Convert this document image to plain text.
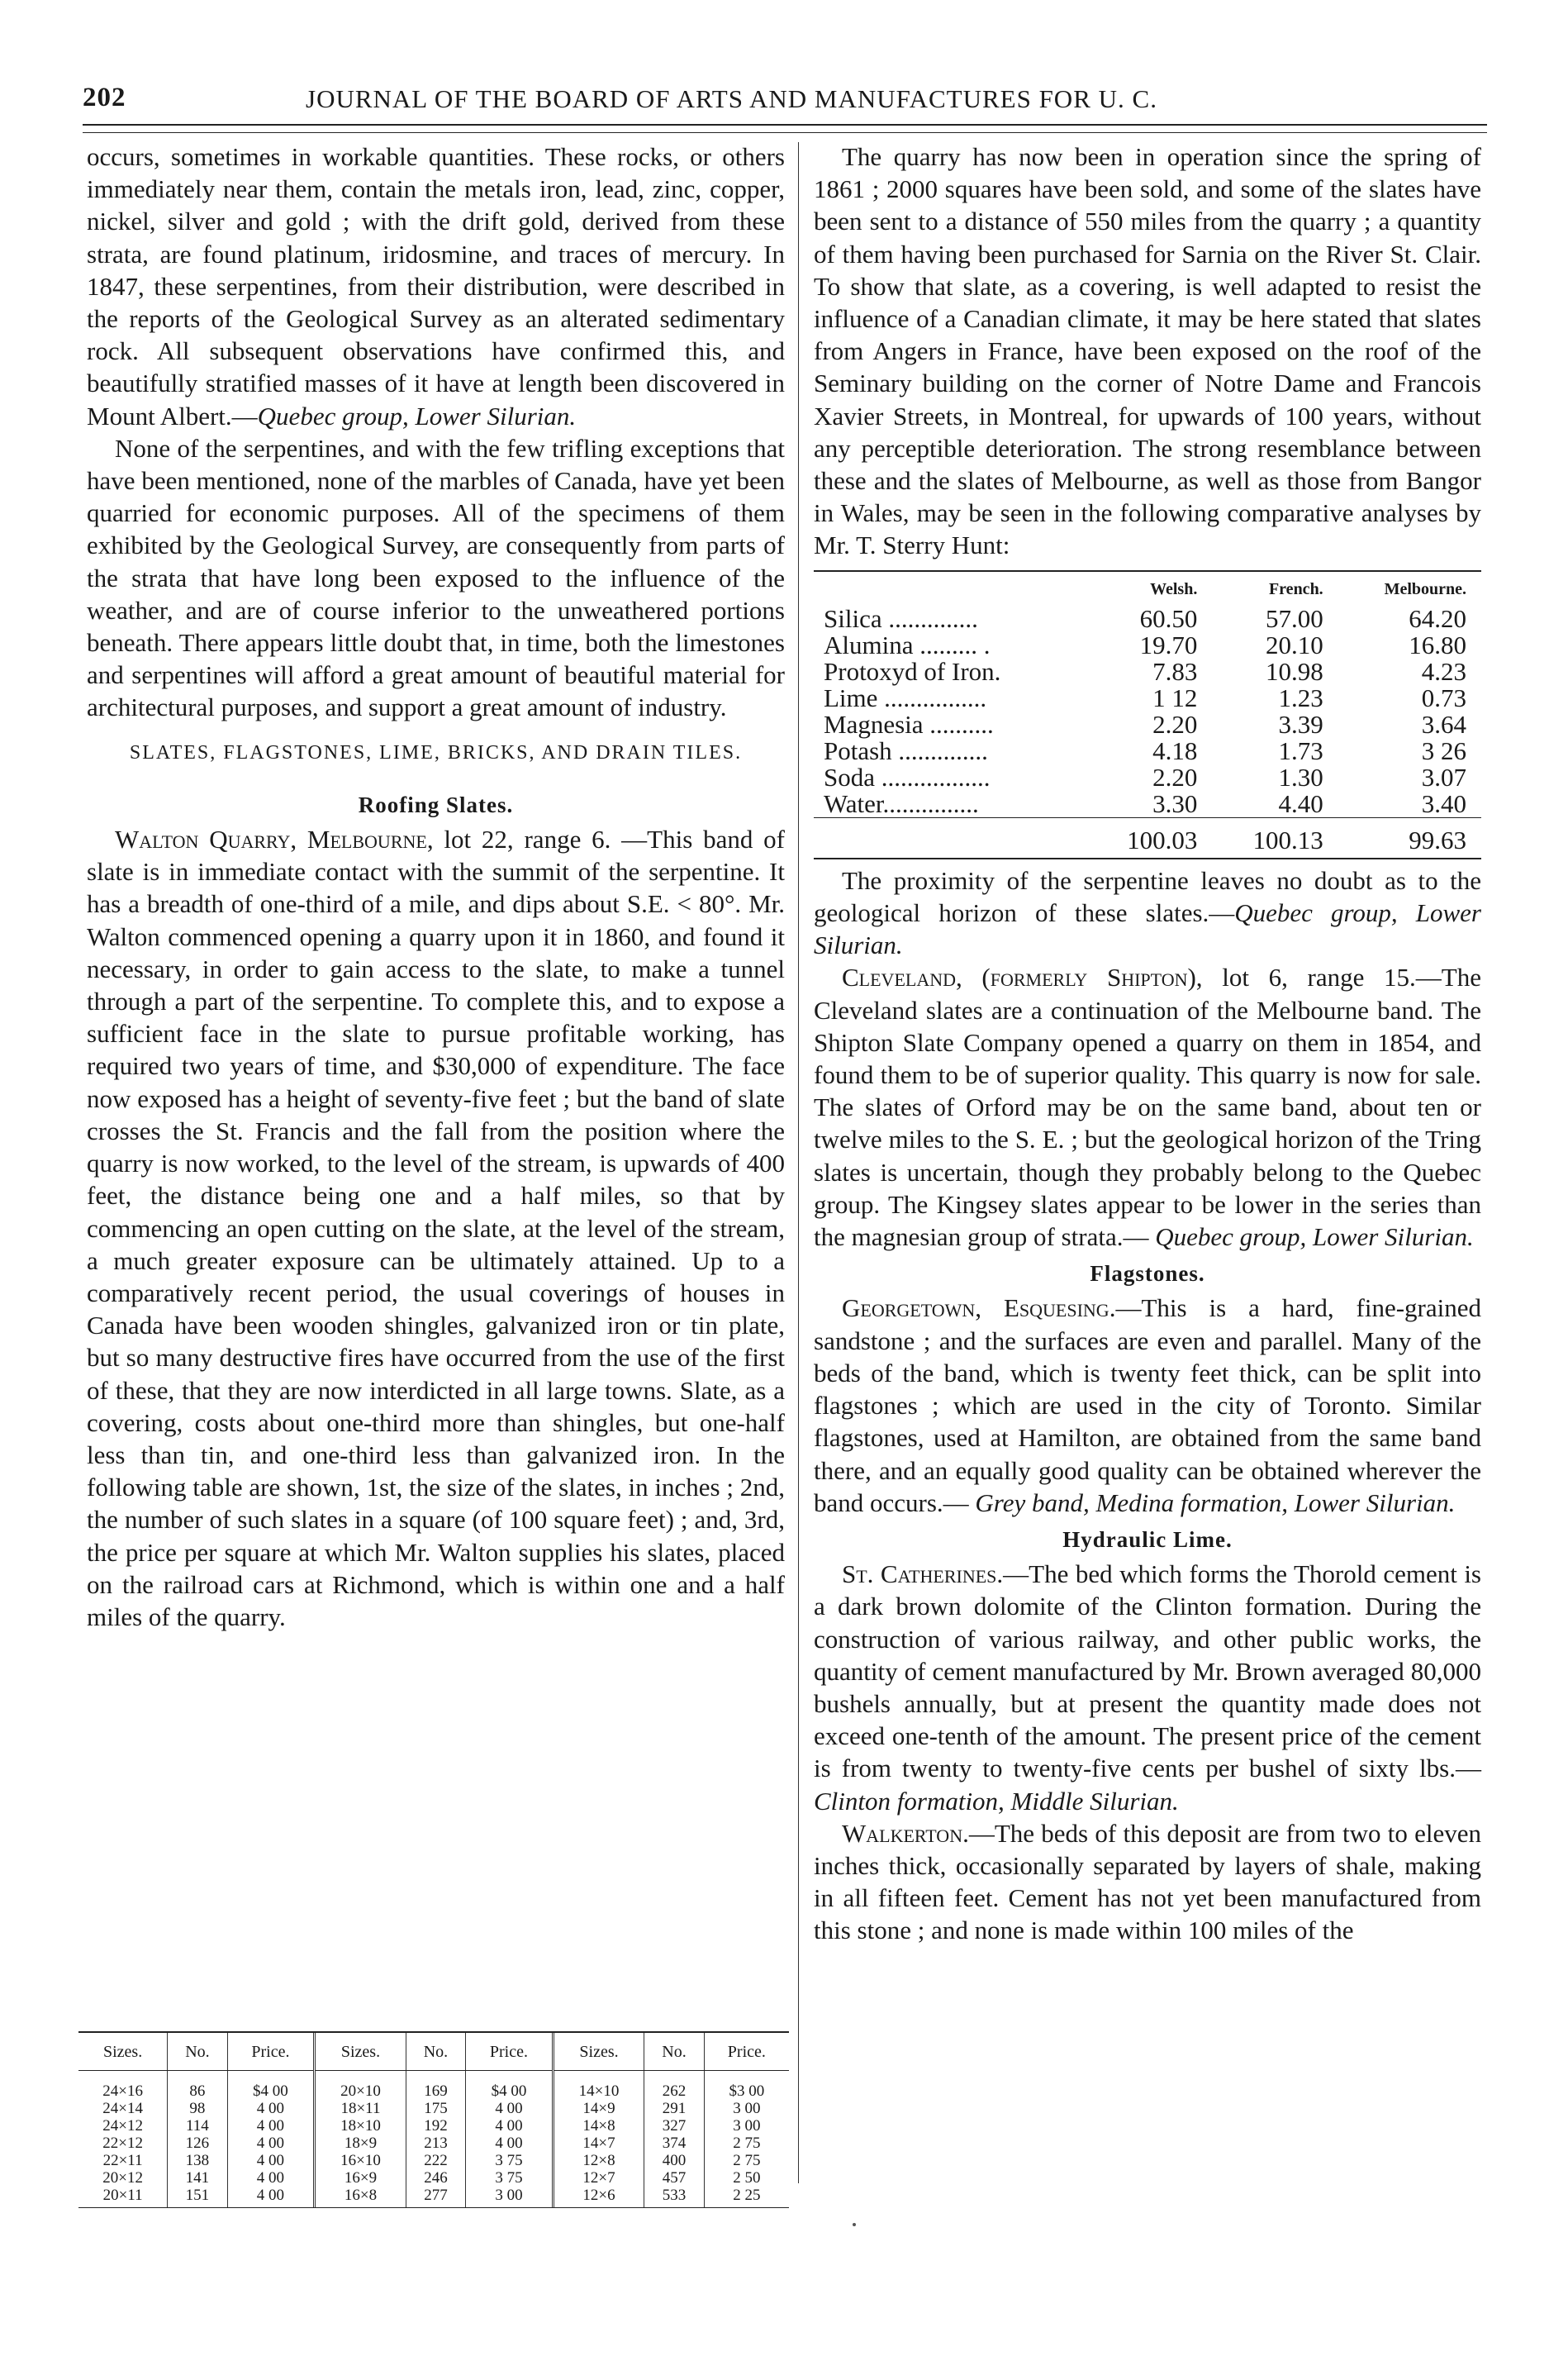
202	JOURNAL OF THE BOARD OF ARTS AND MANUFACTURES FOR U. C.

occurs, sometimes in workable quantities. These rocks, or others immediately near them, contain the metals iron, lead, zinc, copper, nickel, silver and gold ; with the drift gold, derived from these strata, are found platinum, iridosmine, and traces of mercury. In 1847, these serpentines, from their distribution, were described in the reports of the Geological Survey as an alterated sedimentary rock. All subsequent observations have confirmed this, and beautifully stratified masses of it have at length been discovered in Mount Albert.—Quebec group, Lower Silurian.

None of the serpentines, and with the few trifling exceptions that have been mentioned, none of the marbles of Canada, have yet been quarried for economic purposes. All of the specimens of them exhibited by the Geological Survey, are consequently from parts of the strata that have long been exposed to the influence of the weather, and are of course inferior to the unweathered portions beneath. There appears little doubt that, in time, both the limestones and serpentines will afford a great amount of beautiful material for architectural purposes, and support a great amount of industry.

SLATES, FLAGSTONES, LIME, BRICKS, AND DRAIN TILES.
Roofing Slates.

Walton Quarry, Melbourne, lot 22, range 6. —This band of slate is in immediate contact with the summit of the serpentine. It has a breadth of one-third of a mile, and dips about S.E. < 80°. Mr. Walton commenced opening a quarry upon it in 1860, and found it necessary, in order to gain access to the slate, to make a tunnel through a part of the serpentine. To complete this, and to expose a sufficient face in the slate to pursue profitable working, has required two years of time, and $30,000 of expenditure. The face now exposed has a height of seventy-five feet ; but the band of slate crosses the St. Francis and the fall from the position where the quarry is now worked, to the level of the stream, is upwards of 400 feet, the distance being one and a half miles, so that by commencing an open cutting on the slate, at the level of the stream, a much greater exposure can be ultimately attained. Up to a comparatively recent period, the usual coverings of houses in Canada have been wooden shingles, galvanized iron or tin plate, but so many destructive fires have occurred from the use of the first of these, that they are now interdicted in all large towns. Slate, as a covering, costs about one-third more than shingles, but one-half less than tin, and one-third less than galvanized iron. In the following table are shown, 1st, the size of the slates, in inches ; 2nd, the number of such slates in a square (of 100 square feet) ; and, 3rd, the price per square at which Mr. Walton supplies his slates, placed on the railroad cars at Richmond, which is within one and a half miles of the quarry.

Sizes.	No.	Price.	Sizes.	No.	Price.	Sizes.	No.	Price.
24×16	86	$4 00	20×10	169	$4 00	14×10	262	$3 00
24×14	98	4 00	18×11	175	4 00	14×9	291	3 00
24×12	114	4 00	18×10	192	4 00	14×8	327	3 00
22×12	126	4 00	18×9	213	4 00	14×7	374	2 75
22×11	138	4 00	16×10	222	3 75	12×8	400	2 75
20×12	141	4 00	16×9	246	3 75	12×7	457	2 50
20×11	151	4 00	16×8	277	3 00	12×6	533	2 25

The quarry has now been in operation since the spring of 1861 ; 2000 squares have been sold, and some of the slates have been sent to a distance of 550 miles from the quarry ; a quantity of them having been purchased for Sarnia on the River St. Clair. To show that slate, as a covering, is well adapted to resist the influence of a Canadian climate, it may be here stated that slates from Angers in France, have been exposed on the roof of the Seminary building on the corner of Notre Dame and Francois Xavier Streets, in Montreal, for upwards of 100 years, without any perceptible deterioration. The strong resemblance between these and the slates of Melbourne, as well as those from Bangor in Wales, may be seen in the following comparative analyses by Mr. T. Sterry Hunt:

	Welsh.	French.	Melbourne.
Silica ..............	60.50	57.00	64.20
Alumina ......... .	19.70	20.10	16.80
Protoxyd of Iron.	7.83	10.98	4.23
Lime ................	1 12	1.23	0.73
Magnesia ..........	2.20	3.39	3.64
Potash ..............	4.18	1.73	3 26
Soda .................	2.20	1.30	3.07
Water...............	3.30	4.40	3.40
	100.03	100.13	99.63

The proximity of the serpentine leaves no doubt as to the geological horizon of these slates.—Quebec group, Lower Silurian.

Cleveland, (formerly Shipton), lot 6, range 15.—The Cleveland slates are a continuation of the Melbourne band. The Shipton Slate Company opened a quarry on them in 1854, and found them to be of superior quality. This quarry is now for sale. The slates of Orford may be on the same band, about ten or twelve miles to the S. E. ; but the geological horizon of the Tring slates is uncertain, though they probably belong to the Quebec group. The Kingsey slates appear to be lower in the series than the magnesian group of strata.— Quebec group, Lower Silurian.

Flagstones.

Georgetown, Esquesing.—This is a hard, fine-grained sandstone ; and the surfaces are even and parallel. Many of the beds of the band, which is twenty feet thick, can be split into flagstones ; which are used in the city of Toronto. Similar flagstones, used at Hamilton, are obtained from the same band there, and an equally good quality can be obtained wherever the band occurs.— Grey band, Medina formation, Lower Silurian.

Hydraulic Lime.

St. Catherines.—The bed which forms the Thorold cement is a dark brown dolomite of the Clinton formation. During the construction of various railway, and other public works, the quantity of cement manufactured by Mr. Brown averaged 80,000 bushels annually, but at present the quantity made does not exceed one-tenth of the amount. The present price of the cement is from twenty to twenty-five cents per bushel of sixty lbs.—Clinton formation, Middle Silurian.

Walkerton.—The beds of this deposit are from two to eleven inches thick, occasionally separated by layers of shale, making in all fifteen feet. Cement has not yet been manufactured from this stone ; and none is made within 100 miles of the
